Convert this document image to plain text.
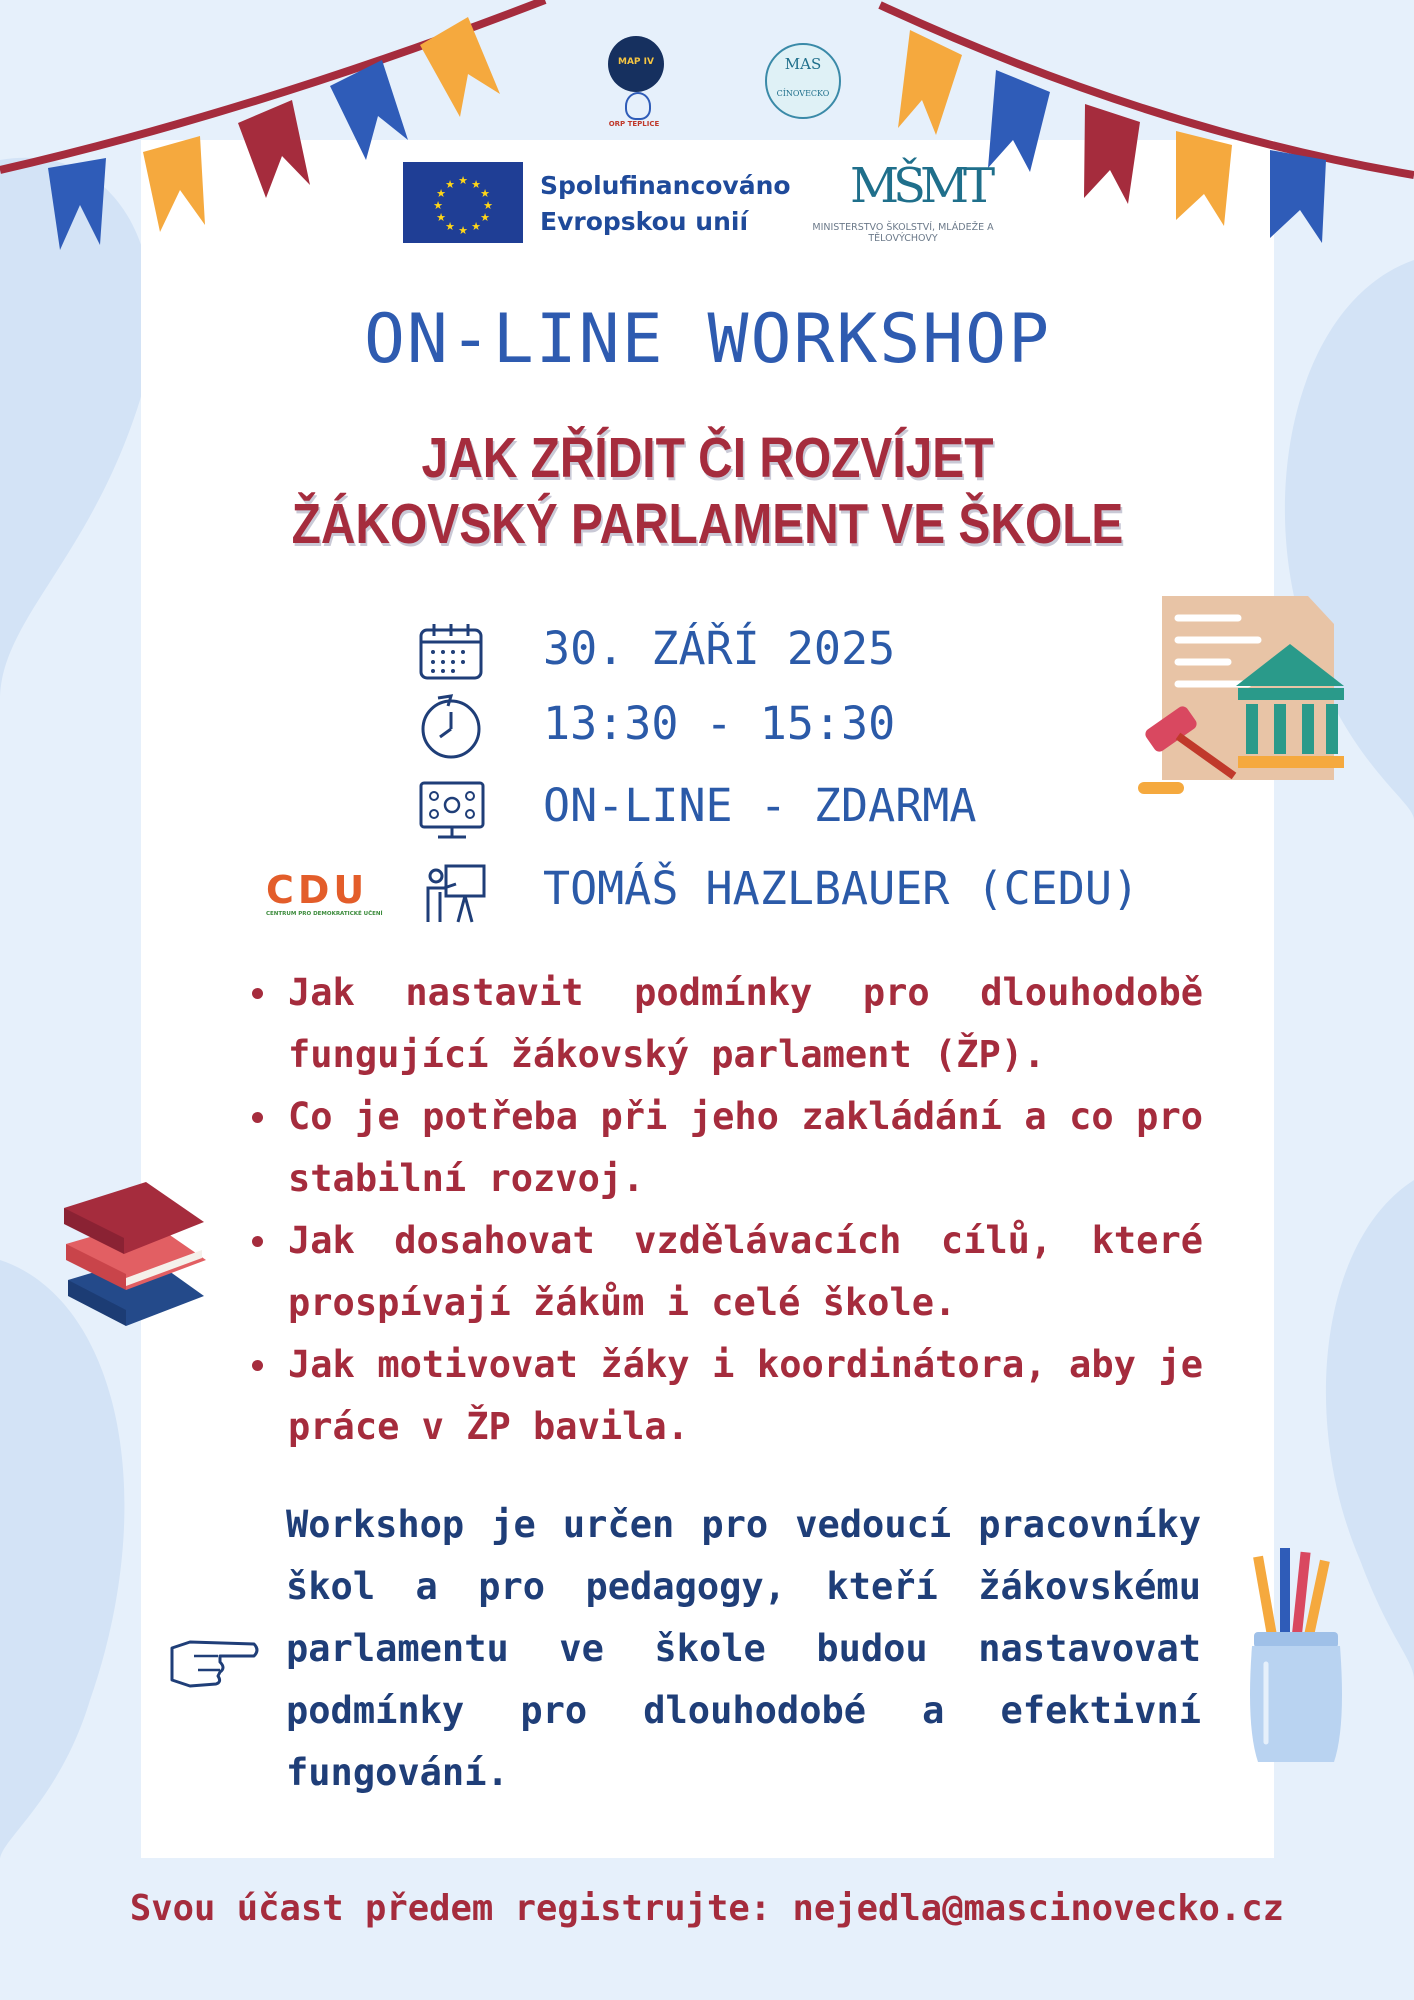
MAP IV
ORP TEPLICE
MAS
CÍNOVECKO
★ ★
★
★
★
★
★
★
★
★
★
★	Spolufinancováno
Evropskou unií
MŠMT
MINISTERSTVO ŠKOLSTVÍ, MLÁDEŽE A TĚLOVÝCHOVY
ON-LINE WORKSHOP
JAK ZŘÍDIT ČI ROZVÍJET
ŽÁKOVSKÝ PARLAMENT VE ŠKOLE
30. ZÁŘÍ 2025
13:30 - 15:30
ON-LINE - ZDARMA
TOMÁŠ HAZLBAUER (CEDU)
CDU
CENTRUM PRO DEMOKRATICKÉ UČENÍ
Jak nastavit podmínky pro dlouhodobě fungující žákovský parlament (ŽP).
Co je potřeba při jeho zakládání a co pro stabilní rozvoj.
Jak dosahovat vzdělávacích cílů, které prospívají žákům i celé škole.
Jak motivovat žáky i koordinátora, aby je práce v ŽP bavila.
Workshop je určen pro vedoucí pracovníky škol a pro pedagogy, kteří žákovskému parlamentu ve škole budou nastavovat podmínky pro dlouhodobé a efektivní fungování.
Svou účast předem registrujte: nejedla@mascinovecko.cz
